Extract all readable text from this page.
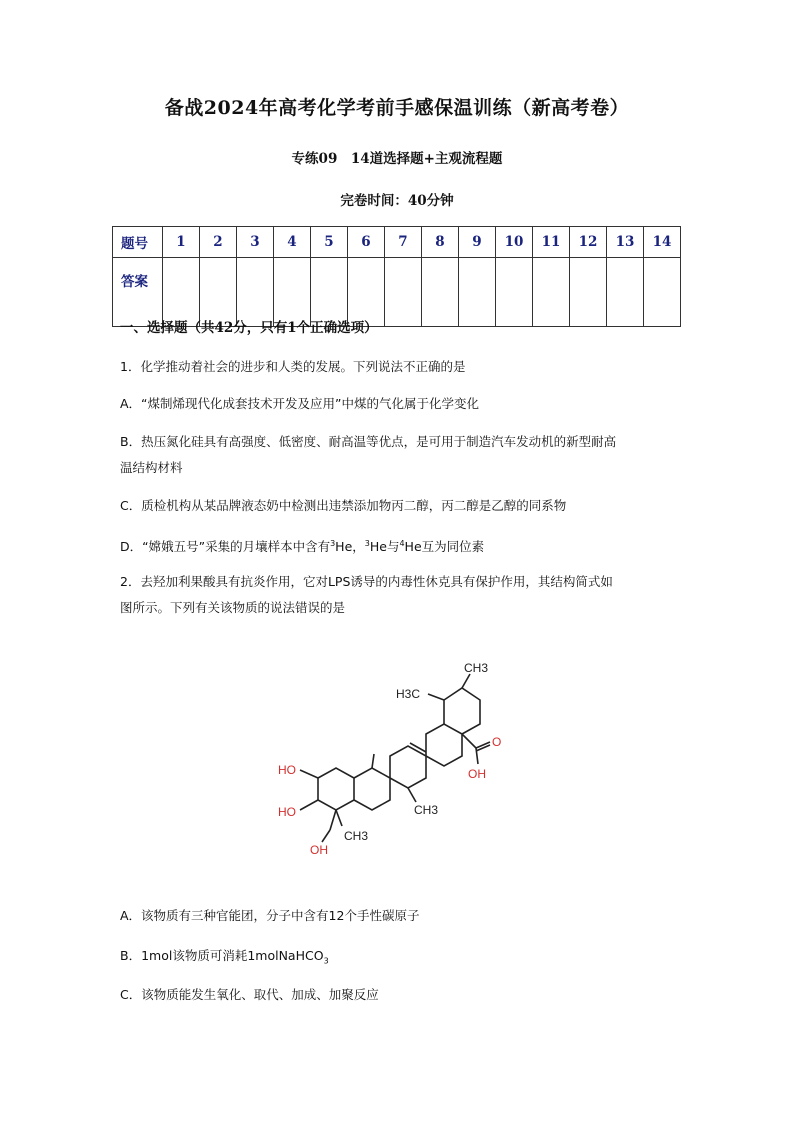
备战2024年高考化学考前手感保温训练（新高考卷）
专练09　14道选择题+主观流程题
完卷时间：40分钟
题号	1	2	3	4	5	6	7	8	9	10	11	12	13	14
答案														
一、选择题（共42分，只有1个正确选项）
1．化学推动着社会的进步和人类的发展。下列说法不正确的是
A．“煤制烯现代化成套技术开发及应用”中煤的气化属于化学变化
B．热压氮化硅具有高强度、低密度、耐高温等优点，是可用于制造汽车发动机的新型耐高
温结构材料
C．质检机构从某品牌液态奶中检测出违禁添加物丙二醇，丙二醇是乙醇的同系物
D．“嫦娥五号”采集的月壤样本中含有$^3$He，$^3$He与$^4$He互为同位素
2．去羟加利果酸具有抗炎作用，它对LPS诱导的内毒性休克具有保护作用，其结构简式如
图所示。下列有关该物质的说法错误的是
CH3
H3C
O
OH
HO
HO
OH
CH3
CH3
A．该物质有三种官能团，分子中含有12个手性碳原子
B．1mol该物质可消耗1molNaHCO$_3$
C．该物质能发生氧化、取代、加成、加聚反应
